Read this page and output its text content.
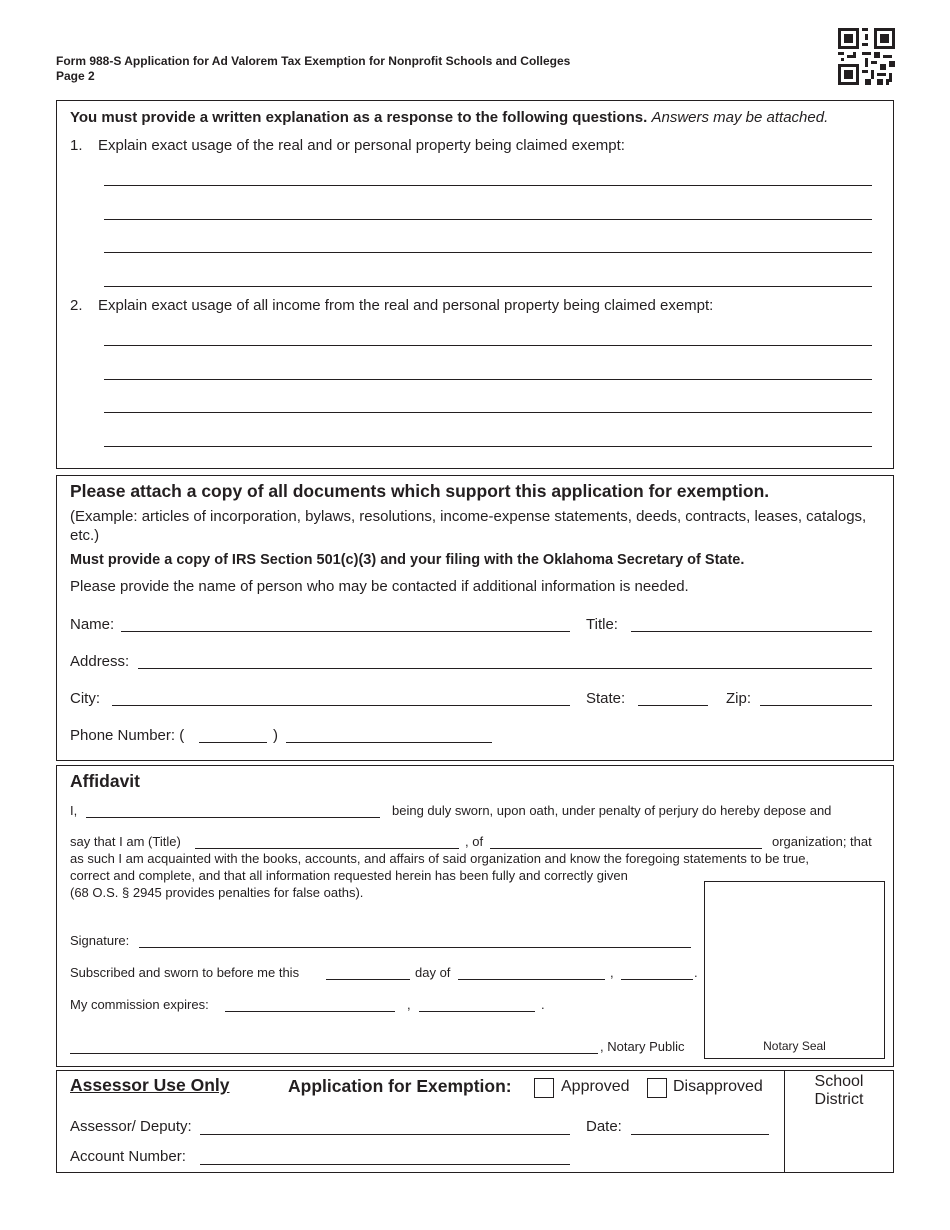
Form 988-S Application for Ad Valorem Tax Exemption for Nonprofit Schools and Colleges
Page 2
You must provide a written explanation as a response to the following questions. Answers may be attached.
1. Explain exact usage of the real and or personal property being claimed exempt:
2. Explain exact usage of all income from the real and personal property being claimed exempt:
Please attach a copy of all documents which support this application for exemption.
(Example: articles of incorporation, bylaws, resolutions, income-expense statements, deeds, contracts, leases, catalogs, etc.)
Must provide a copy of IRS Section 501(c)(3) and your filing with the Oklahoma Secretary of State.
Please provide the name of person who may be contacted if additional information is needed.
Name:	Title:
Address:
City:	State:	Zip:
Phone Number: (	)
Affidavit
I,	being duly sworn, upon oath, under penalty of perjury do hereby depose and
say that I am (Title)	, of	organization; that
as such I am acquainted with the books, accounts, and affairs of said organization and know the foregoing statements to be true,
correct and complete, and that all information requested herein has been fully and correctly given
(68 O.S. § 2945 provides penalties for false oaths).
Signature:
Subscribed and sworn to before me this	day of	,	.
My commission expires:	,	.
, Notary Public	Notary Seal
Assessor Use Only	Application for Exemption:	Approved	Disapproved	School District
Assessor/ Deputy:	Date:
Account Number:
